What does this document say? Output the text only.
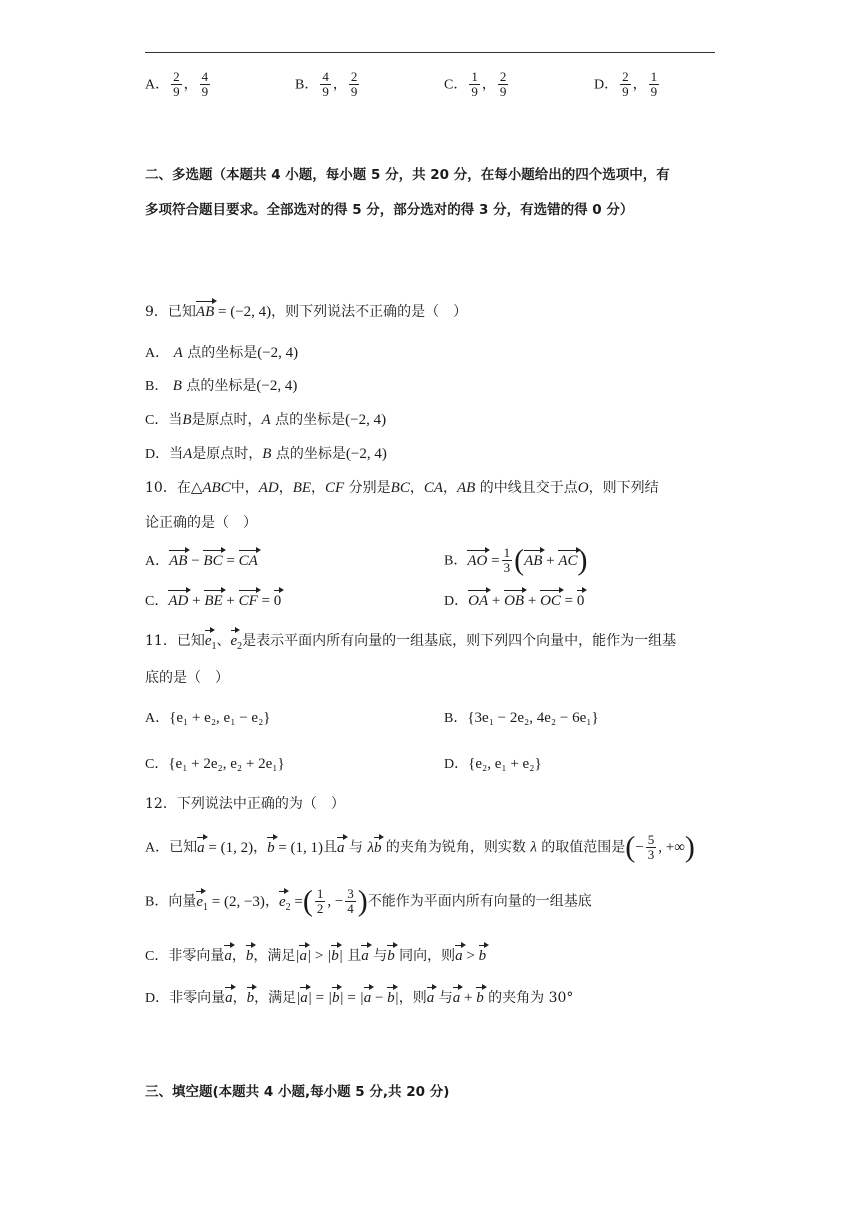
A． $\frac{2}{9}$ ， $\frac{4}{9}$	B． $\frac{4}{9}$ ， $\frac{2}{9}$	C． $\frac{1}{9}$ ， $\frac{2}{9}$	D． $\frac{2}{9}$ ， $\frac{1}{9}$
二、多选题（本题共 4 小题，每小题 5 分，共 20 分，在每小题给出的四个选项中，有
多项符合题目要求。全部选对的得 5 分，部分选对的得 3 分，有选错的得 0 分）
9．已知AB = (−2, 4)，则下列说法不正确的是（　）
A． A 点的坐标是(−2, 4)
B． B 点的坐标是(−2, 4)
C．当B是原点时，A 点的坐标是(−2, 4)
D．当A是原点时，B 点的坐标是(−2, 4)
10．在△ABC中，AD，BE，CF 分别是BC，CA，AB 的中线且交于点O，则下列结
论正确的是（　）
A．AB − BC = CA	B．AO = $\frac{1}{3} (AB + AC)$
C．AD + BE + CF = 0	D．OA + OB + OC = 0
11．已知$e_1$、$e_2$是表示平面内所有向量的一组基底，则下列四个向量中，能作为一组基
底的是（　）
A．{e₁ + e₂, e₁ − e₂}	B．{3e₁ − 2e₂, 4e₂ − 6e₁}
C．{e₁ + 2e₂, e₂ + 2e₁}	D．{e₂, e₁ + e₂}
12．下列说法中正确的为（　）
A．已知a = (1, 2)，b = (1, 1)且a 与 λb 的夹角为锐角，则实数 λ 的取值范围是(− $\frac{5}{3}$ , +∞)
B．向量$e_1 = (2$, −3)，$e_2$ =( $\frac{1}{2}$ , − $\frac{3}{4}$ )不能作为平面内所有向量的一组基底
C．非零向量a，b，满足|a| > |b| 且a 与b 同向，则a > b
D．非零向量a，b，满足|a| = |b| = |a − b|，则a 与a + b 的夹角为 30°
三、填空题(本题共 4 小题,每小题 5 分,共 20 分)
